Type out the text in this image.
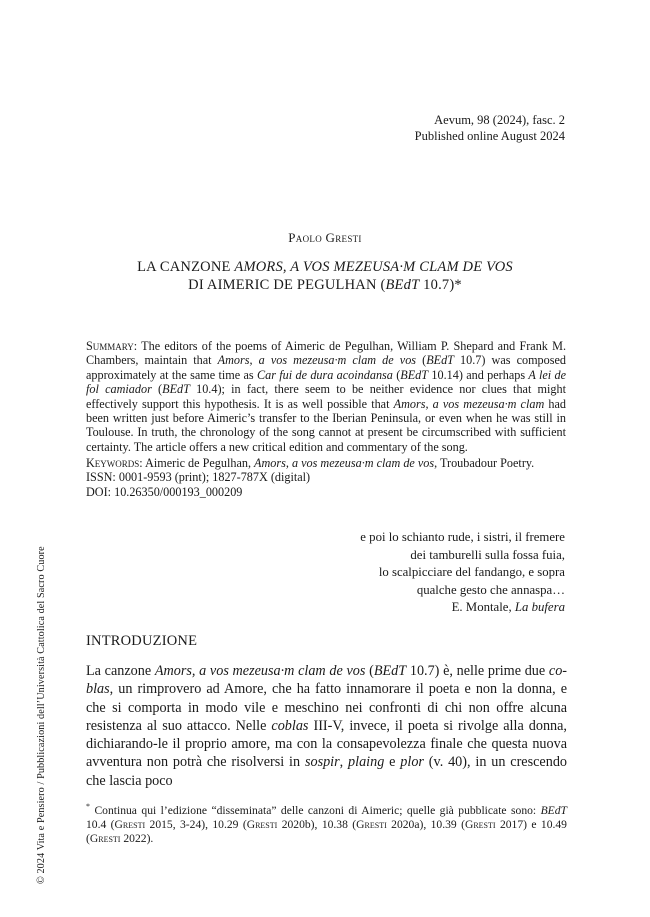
Aevum, 98 (2024), fasc. 2
Published online August 2024
Paolo Gresti
LA CANZONE AMORS, A VOS MEZEUSA·M CLAM DE VOS
DI AIMERIC DE PEGULHAN (BEdT 10.7)*
Summary: The editors of the poems of Aimeric de Pegulhan, William P. Shepard and Frank M. Chambers, maintain that Amors, a vos mezeusa·m clam de vos (BEdT 10.7) was composed approximately at the same time as Car fui de dura acoindansa (BEdT 10.14) and perhaps A lei de fol camiador (BEdT 10.4); in fact, there seem to be neither evidence nor clues that might effectively support this hypothesis. It is as well possible that Amors, a vos mezeusa·m clam had been written just before Aimeric’s transfer to the Iberian Peninsula, or even when he was still in Toulouse. In truth, the chronology of the song cannot at present be circumscribed with sufficient certainty. The article offers a new critical edition and commentary of the song.
Keywords: Aimeric de Pegulhan, Amors, a vos mezeusa·m clam de vos, Troubadour Poetry.
ISSN: 0001-9593 (print); 1827-787X (digital)
DOI: 10.26350/000193_000209
e poi lo schianto rude, i sistri, il fremere
dei tamburelli sulla fossa fuia,
lo scalpicciare del fandango, e sopra
qualche gesto che annaspa…
E. Montale, La bufera
INTRODUZIONE
La canzone Amors, a vos mezeusa·m clam de vos (BEdT 10.7) è, nelle prime due co-blas, un rimprovero ad Amore, che ha fatto innamorare il poeta e non la donna, e che si comporta in modo vile e meschino nei confronti di chi non offre alcuna resistenza al suo attacco. Nelle coblas III-V, invece, il poeta si rivolge alla donna, dichiarando-le il proprio amore, ma con la consapevolezza finale che questa nuova avventura non potrà che risolversi in sospir, plaing e plor (v. 40), in un crescendo che lascia poco
* Continua qui l’edizione “disseminata” delle canzoni di Aimeric; quelle già pubblicate sono: BEdT 10.4 (Gresti 2015, 3-24), 10.29 (Gresti 2020b), 10.38 (Gresti 2020a), 10.39 (Gresti 2017) e 10.49 (Gresti 2022).
© 2024 Vita e Pensiero / Pubblicazioni dell’Università Cattolica del Sacro Cuore
